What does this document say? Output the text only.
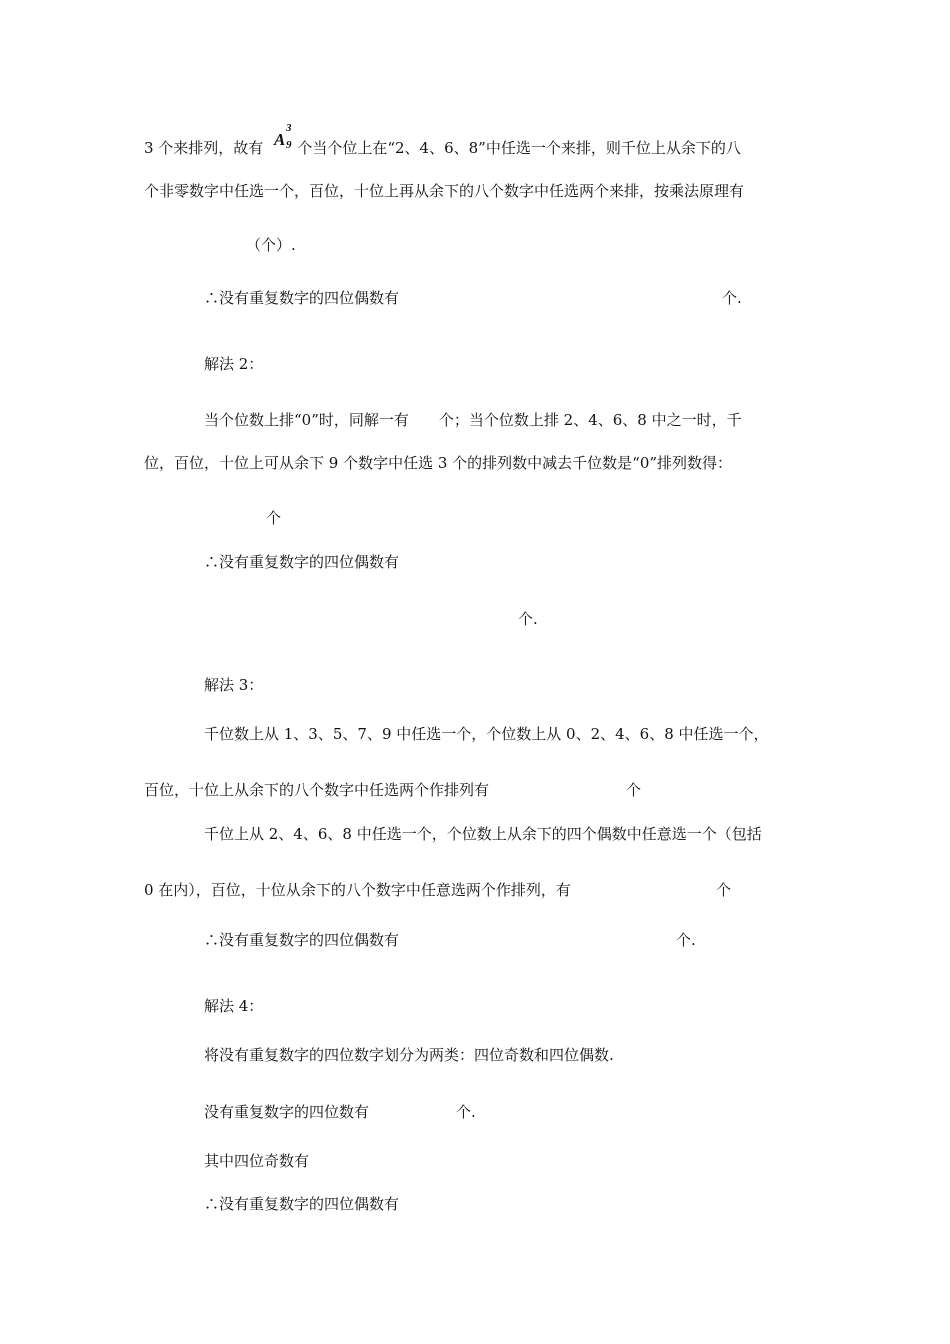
3 个来排列，故有 个当个位上在“2、4、6、8”中任选一个来排，则千位上从余下的八
A
3
9
个非零数字中任选一个，百位，十位上再从余下的八个数字中任选两个来排，按乘法原理有
（个）.
∴没有重复数字的四位偶数有	个.
解法 2：
当个位数上排“0”时，同解一有　　个；当个位数上排 2、4、6、8 中之一时，千
位，百位，十位上可从余下 9 个数字中任选 3 个的排列数中减去千位数是“0”排列数得：
个
∴没有重复数字的四位偶数有
个.
解法 3：
千位数上从 1、3、5、7、9 中任选一个，个位数上从 0、2、4、6、8 中任选一个，
百位，十位上从余下的八个数字中任选两个作排列有	个
千位上从 2、4、6、8 中任选一个，个位数上从余下的四个偶数中任意选一个（包括
0 在内），百位，十位从余下的八个数字中任意选两个作排列，有	个
∴没有重复数字的四位偶数有	个.
解法 4：
将没有重复数字的四位数字划分为两类：四位奇数和四位偶数.
没有重复数字的四位数有	个.
其中四位奇数有
∴没有重复数字的四位偶数有
